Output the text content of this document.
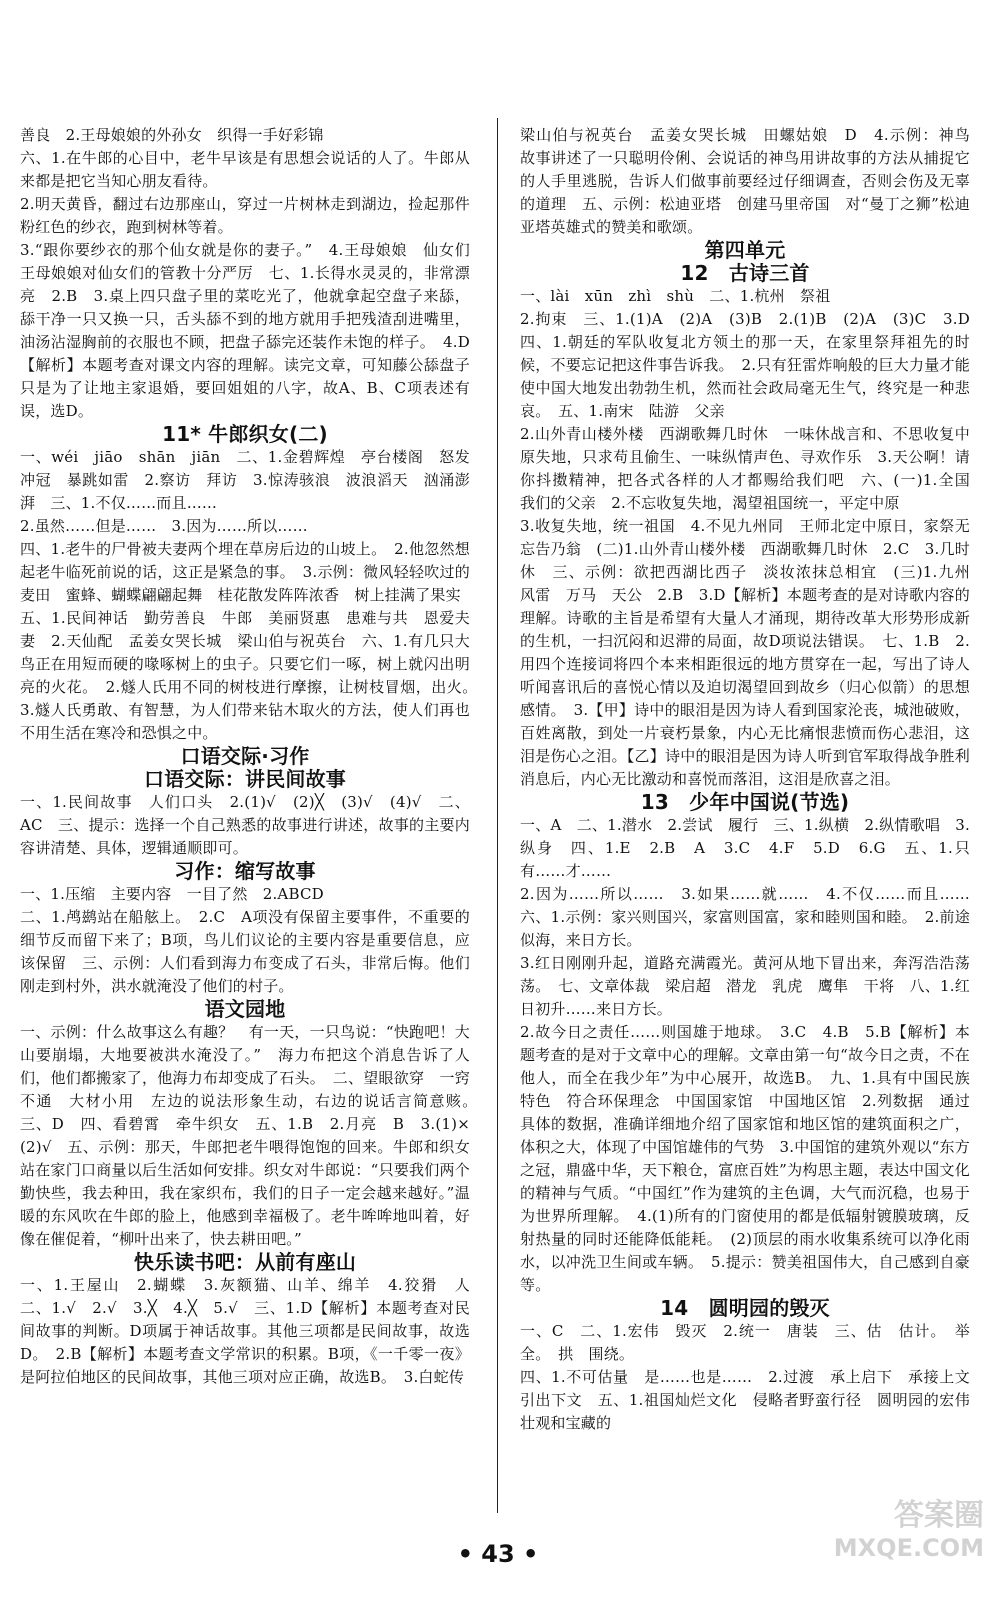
善良　2.王母娘娘的外孙女　织得一手好彩锦

六、1.在牛郎的心目中，老牛早该是有思想会说话的人了。牛郎从来都是把它当知心朋友看待。

2.明天黄昏，翻过右边那座山，穿过一片树林走到湖边，捡起那件粉红色的纱衣，跑到树林等着。

3.“跟你要纱衣的那个仙女就是你的妻子。”　4.王母娘娘　仙女们　王母娘娘对仙女们的管教十分严厉　七、1.长得水灵灵的，非常漂亮　2.B　3.桌上四只盘子里的菜吃光了，他就拿起空盘子来舔，舔干净一只又换一只，舌头舔不到的地方就用手把残渣刮进嘴里，油汤沾湿胸前的衣服也不顾，把盘子舔完还装作未饱的样子。　4.D【解析】本题考查对课文内容的理解。读完文章，可知藤公舔盘子只是为了让地主家退婚，要回姐姐的八字，故A、B、C项表述有误，选D。

11* 牛郎织女(二)

一、wéi　jiāo　shān　jiān　二、1.金碧辉煌　亭台楼阁　怒发冲冠　暴跳如雷　2.察访　拜访　3.惊涛骇浪　波浪滔天　汹涌澎湃　三、1.不仅……而且……

2.虽然……但是……　3.因为……所以……

四、1.老牛的尸骨被夫妻两个埋在草房后边的山坡上。　2.他忽然想起老牛临死前说的话，这正是紧急的事。　3.示例：微风轻轻吹过的麦田　蜜蜂、蝴蝶翩翩起舞　桂花散发阵阵浓香　树上挂满了果实

五、1.民间神话　勤劳善良　牛郎　美丽贤惠　患难与共　恩爱夫妻　2.天仙配　孟姜女哭长城　梁山伯与祝英台　六、1.有几只大鸟正在用短而硬的喙啄树上的虫子。只要它们一啄，树上就闪出明亮的火花。　2.燧人氏用不同的树枝进行摩擦，让树枝冒烟，出火。　3.燧人氏勇敢、有智慧，为人们带来钻木取火的方法，使人们再也不用生活在寒冷和恐惧之中。

口语交际·习作

口语交际：讲民间故事

一、1.民间故事　人们口头　2.(1)√　(2)╳　(3)√　(4)√　二、AC　三、提示：选择一个自己熟悉的故事进行讲述，故事的主要内容讲清楚、具体，逻辑通顺即可。

习作：缩写故事

一、1.压缩　主要内容　一目了然　2.ABCD

二、1.鸬鹚站在船舷上。　2.C　A项没有保留主要事件，不重要的细节反而留下来了；B项，鸟儿们议论的主要内容是重要信息，应该保留　三、示例：人们看到海力布变成了石头，非常后悔。他们刚走到村外，洪水就淹没了他们的村子。

语文园地

一、示例：什么故事这么有趣？　有一天，一只鸟说：“快跑吧！大山要崩塌，大地要被洪水淹没了。”　海力布把这个消息告诉了人们，他们都搬家了，他海力布却变成了石头。　二、望眼欲穿　一窍不通　大材小用　左边的说法形象生动，右边的说话言简意赅。　三、D　四、看碧霄　牵牛织女　五、1.B　2.月亮　B　3.(1)×　(2)√　五、示例：那天，牛郎把老牛喂得饱饱的回来。牛郎和织女站在家门口商量以后生活如何安排。织女对牛郎说：“只要我们两个勤快些，我去种田，我在家织布，我们的日子一定会越来越好。”温暖的东风吹在牛郎的脸上，他感到幸福极了。老牛哞哞地叫着，好像在催促着，“柳叶出来了，快去耕田吧。”

快乐读书吧：从前有座山

一、1.王屋山　2.蝴蝶　3.灰额猫、山羊、绵羊　4.狡猾　人　二、1.√　2.√　3.╳　4.╳　5.√　三、1.D【解析】本题考查对民间故事的判断。D项属于神话故事。其他三项都是民间故事，故选D。　2.B【解析】本题考查文学常识的积累。B项，《一千零一夜》是阿拉伯地区的民间故事，其他三项对应正确，故选B。　3.白蛇传

梁山伯与祝英台　孟姜女哭长城　田螺姑娘　D　4.示例：神鸟　故事讲述了一只聪明伶俐、会说话的神鸟用讲故事的方法从捕捉它的人手里逃脱，告诉人们做事前要经过仔细调查，否则会伤及无辜的道理　五、示例：松迪亚塔　创建马里帝国　对“曼丁之狮”松迪亚塔英雄式的赞美和歌颂。

第四单元

12　古诗三首

一、lài　xūn　zhì　shù　二、1.杭州　祭祖

2.拘束　三、1.(1)A　(2)A　(3)B　2.(1)B　(2)A　(3)C　3.D　四、1.朝廷的军队收复北方领土的那一天，在家里祭拜祖先的时候，不要忘记把这件事告诉我。　2.只有狂雷炸响般的巨大力量才能使中国大地发出勃勃生机，然而社会政局毫无生气，终究是一种悲哀。　五、1.南宋　陆游　父亲

2.山外青山楼外楼　西湖歌舞几时休　一味休战言和、不思收复中原失地，只求苟且偷生、一味纵情声色、寻欢作乐　3.天公啊！请你抖擞精神，把各式各样的人才都赐给我们吧　六、(一)1.全国　我们的父亲　2.不忘收复失地，渴望祖国统一，平定中原

3.收复失地，统一祖国　4.不见九州同　王师北定中原日，家祭无忘告乃翁　(二)1.山外青山楼外楼　西湖歌舞几时休　2.C　3.几时休　三、示例：欲把西湖比西子　淡妆浓抹总相宜　(三)1.九州　风雷　万马　天公　2.B　3.D【解析】本题考查的是对诗歌内容的理解。诗歌的主旨是希望有大量人才涌现，期待改革大形势形成新的生机，一扫沉闷和迟滞的局面，故D项说法错误。　七、1.B　2.用四个连接词将四个本来相距很远的地方贯穿在一起，写出了诗人听闻喜讯后的喜悦心情以及迫切渴望回到故乡（归心似箭）的思想感情。　3.【甲】诗中的眼泪是因为诗人看到国家沦丧，城池破败，百姓离散，到处一片衰朽景象，内心无比痛恨悲愤而伤心悲泪，这泪是伤心之泪。【乙】诗中的眼泪是因为诗人听到官军取得战争胜利消息后，内心无比激动和喜悦而落泪，这泪是欣喜之泪。

13　少年中国说(节选)

一、A　二、1.潜水　2.尝试　履行　三、1.纵横　2.纵情歌唱　3.纵身　四、1.E　2.B　A　3.C　4.F　5.D　6.G　五、1.只有……才……

2.因为……所以……　3.如果……就……　4.不仅……而且……　六、1.示例：家兴则国兴，家富则国富，家和睦则国和睦。　2.前途似海，来日方长。

3.红日刚刚升起，道路充满霞光。黄河从地下冒出来，奔泻浩浩荡荡。　七、文章体裁　梁启超　潜龙　乳虎　鹰隼　干将　八、1.红日初升……来日方长。

2.故今日之责任……则国雄于地球。　3.C　4.B　5.B【解析】本题考查的是对于文章中心的理解。文章由第一句“故今日之责，不在他人，而全在我少年”为中心展开，故选B。　九、1.具有中国民族特色　符合环保理念　中国国家馆　中国地区馆　2.列数据　通过具体的数据，准确详细地介绍了国家馆和地区馆的建筑面积之广，体积之大，体现了中国馆雄伟的气势　3.中国馆的建筑外观以“东方之冠，鼎盛中华，天下粮仓，富庶百姓”为构思主题，表达中国文化的精神与气质。“中国红”作为建筑的主色调，大气而沉稳，也易于为世界所理解。　4.(1)所有的门窗使用的都是低辐射镀膜玻璃，反射热量的同时还能降低能耗。　(2)顶层的雨水收集系统可以净化雨水，以冲洗卫生间或车辆。　5.提示：赞美祖国伟大，自己感到自豪等。

14　圆明园的毁灭

一、C　二、1.宏伟　毁灭　2.统一　唐装　三、估　估计。　举　全。　拱　围绕。

四、1.不可估量　是……也是……　2.过渡　承上启下　承接上文　引出下文　五、1.祖国灿烂文化　侵略者野蛮行径　圆明园的宏伟壮观和宝藏的

• 43 •
答案圈
MXQE.COM
